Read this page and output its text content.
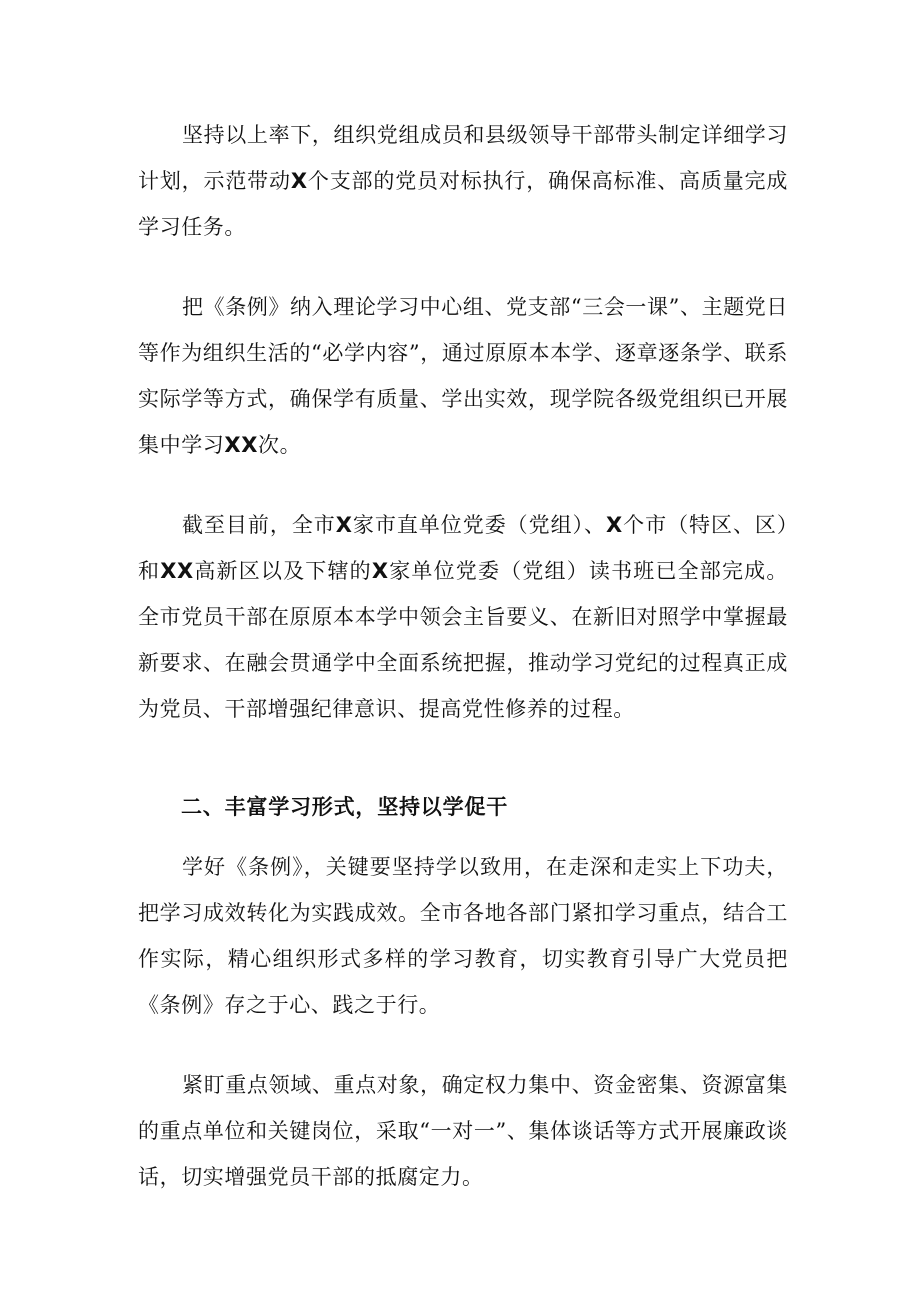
坚持以上率下，组织党组成员和县级领导干部带头制定详细学习计划，示范带动X个支部的党员对标执行，确保高标准、高质量完成学习任务。

把《条例》纳入理论学习中心组、党支部“三会一课”、主题党日等作为组织生活的“必学内容”，通过原原本本学、逐章逐条学、联系实际学等方式，确保学有质量、学出实效，现学院各级党组织已开展集中学习XX次。

截至目前，全市X家市直单位党委（党组）、X个市（特区、区）和XX高新区以及下辖的X家单位党委（党组）读书班已全部完成。全市党员干部在原原本本学中领会主旨要义、在新旧对照学中掌握最新要求、在融会贯通学中全面系统把握，推动学习党纪的过程真正成为党员、干部增强纪律意识、提高党性修养的过程。

二、丰富学习形式，坚持以学促干

学好《条例》，关键要坚持学以致用，在走深和走实上下功夫，把学习成效转化为实践成效。全市各地各部门紧扣学习重点，结合工作实际，精心组织形式多样的学习教育，切实教育引导广大党员把《条例》存之于心、践之于行。

紧盯重点领域、重点对象，确定权力集中、资金密集、资源富集的重点单位和关键岗位，采取“一对一”、集体谈话等方式开展廉政谈话，切实增强党员干部的抵腐定力。
